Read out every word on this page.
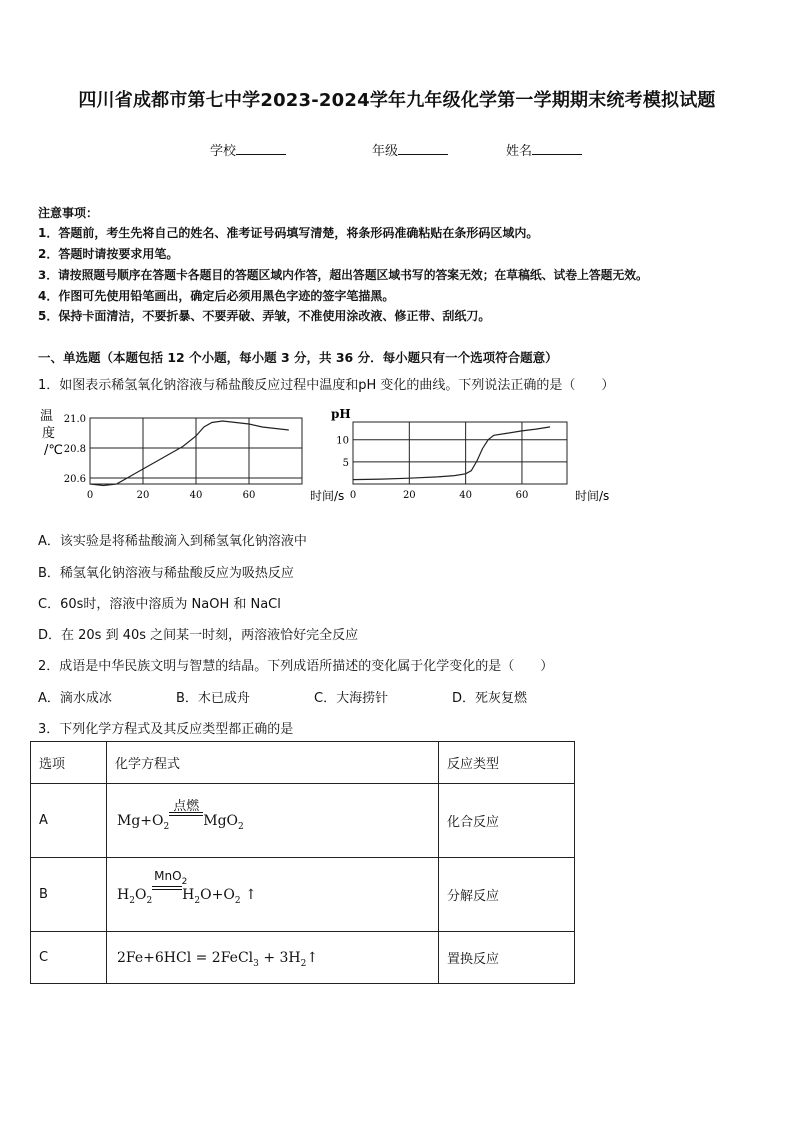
四川省成都市第七中学2023-2024学年九年级化学第一学期期末统考模拟试题
学校	年级	姓名
注意事项：
1．答题前，考生先将自己的姓名、准考证号码填写清楚，将条形码准确粘贴在条形码区域内。
2．答题时请按要求用笔。
3．请按照题号顺序在答题卡各题目的答题区域内作答，超出答题区域书写的答案无效；在草稿纸、试卷上答题无效。
4．作图可先使用铅笔画出，确定后必须用黑色字迹的签字笔描黑。
5．保持卡面清洁，不要折暴、不要弄破、弄皱，不准使用涂改液、修正带、刮纸刀。
一、单选题（本题包括 12 个小题，每小题 3 分，共 36 分．每小题只有一个选项符合题意）
1．如图表示稀氢氧化钠溶液与稀盐酸反应过程中温度和pH 变化的曲线。下列说法正确的是（　　）
21.0
20.8
20.6
0	20	40	60	时间/s
温
度
/℃
10
5
0	20	40	60	时间/s
pH
A．该实验是将稀盐酸滴入到稀氢氧化钠溶液中
B．稀氢氧化钠溶液与稀盐酸反应为吸热反应
C．60s时，溶液中溶质为 NaOH 和 NaCl
D．在 20s 到 40s 之间某一时刻，两溶液恰好完全反应
2．成语是中华民族文明与智慧的结晶。下列成语所描述的变化属于化学变化的是（　　）
A．滴水成冰	B．木已成舟	C．大海捞针	D．死灰复燃
3．下列化学方程式及其反应类型都正确的是
选项	化学方程式	反应类型
A	$Mg+O_2$
点燃
MgO$_2$	化合反应
B	$H_2O_2$
MnO$_2$
$H_2O+O_2$ ↑	分解反应
C	2Fe+6HCl = 2FeCl$_3$ + $3H_2↑$	置换反应
